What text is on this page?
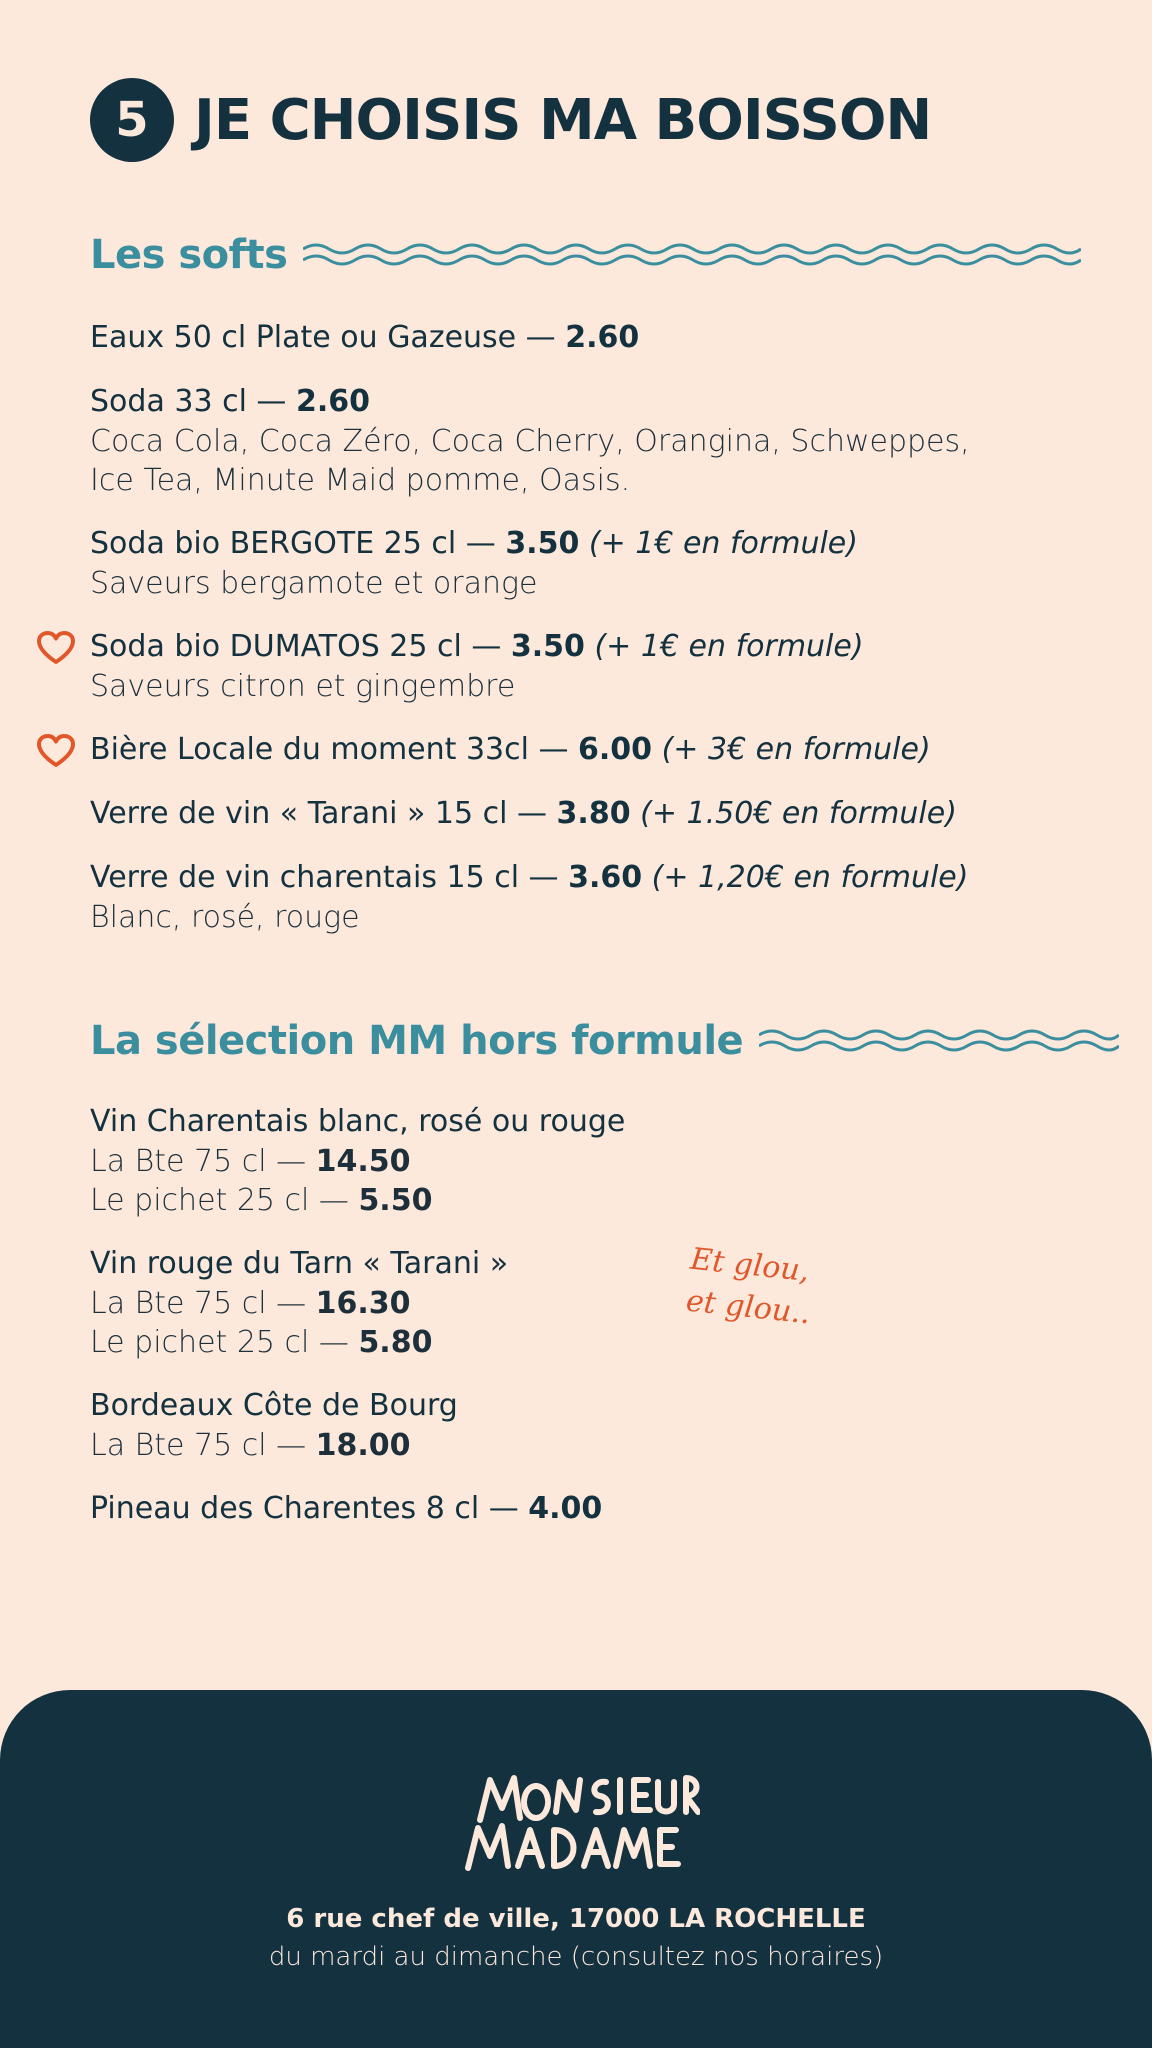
5 JE CHOISIS MA BOISSON
Les softs
Eaux 50 cl Plate ou Gazeuse — 2.60
Soda 33 cl — 2.60
Coca Cola, Coca Zéro, Coca Cherry, Orangina, Schweppes,
Ice Tea, Minute Maid pomme, Oasis.
Soda bio BERGOTE 25 cl — 3.50 (+ 1€ en formule)
Saveurs bergamote et orange
Soda bio DUMATOS 25 cl — 3.50 (+ 1€ en formule)
Saveurs citron et gingembre
Bière Locale du moment 33cl — 6.00 (+ 3€ en formule)
Verre de vin « Tarani » 15 cl — 3.80 (+ 1.50€ en formule)
Verre de vin charentais 15 cl — 3.60 (+ 1,20€ en formule)
Blanc, rosé, rouge
La sélection MM hors formule
Vin Charentais blanc, rosé ou rouge
La Bte 75 cl — 14.50
Le pichet 25 cl — 5.50
Vin rouge du Tarn « Tarani »
La Bte 75 cl — 16.30
Le pichet 25 cl — 5.80
Bordeaux Côte de Bourg
La Bte 75 cl — 18.00
Pineau des Charentes 8 cl — 4.00
Et glou,
et glou..
6 rue chef de ville, 17000 LA ROCHELLE
du mardi au dimanche (consultez nos horaires)
